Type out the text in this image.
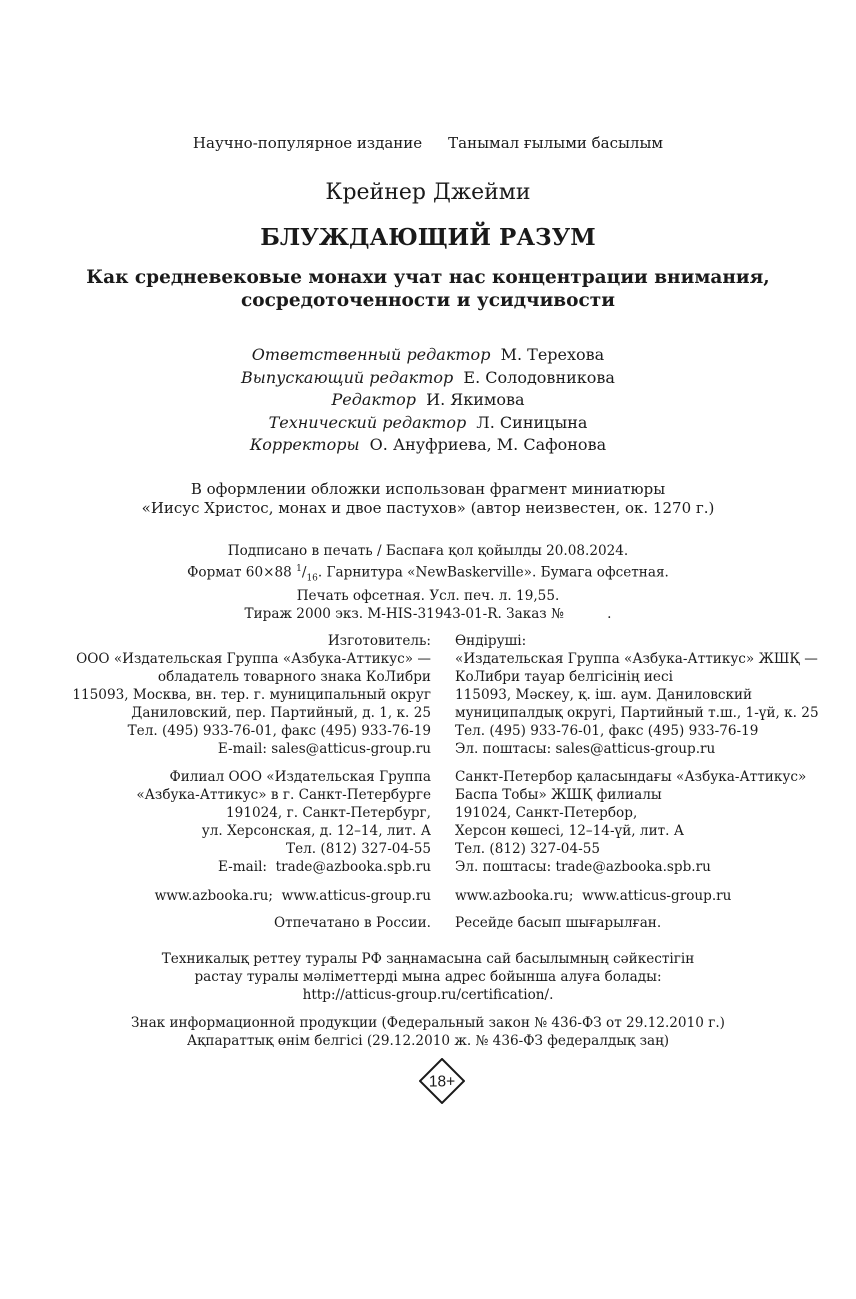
Научно-популярное издание Танымал ғылыми басылым
Крейнер Джейми
БЛУЖДАЮЩИЙ РАЗУМ
Как средневековые монахи учат нас концентрации внимания,
сосредоточенности и усидчивости
Ответственный редактор М. Терехова
Выпускающий редактор Е. Солодовникова
Редактор И. Якимова
Технический редактор Л. Синицына
Корректоры О. Ануфриева, М. Сафонова
В оформлении обложки использован фрагмент миниатюры
«Иисус Христос, монах и двое пастухов» (автор неизвестен, ок. 1270 г.)
Подписано в печать / Баспаға қол қойылды 20.08.2024.
Формат 60×88 $^1/_{16}$. Гарнитура «NewBaskerville». Бумага офсетная.
Печать офсетная. Усл. печ. л. 19,55.
Тираж 2000 экз. M-HIS-31943-01-R. Заказ №          .
Изготовитель:
ООО «Издательская Группа «Азбука-Аттикус» —
обладатель товарного знака КоЛибри
115093, Москва, вн. тер. г. муниципальный округ
Даниловский, пер. Партийный, д. 1, к. 25
Тел. (495) 933-76-01, факс (495) 933-76-19
E-mail: sales@atticus-group.ru
Өндіруші:
«Издательская Группа «Азбука-Аттикус» ЖШҚ —
КоЛибри тауар белгісінің иесі
115093, Мәскеу, қ. іш. аум. Даниловский
муниципалдық округі, Партийный т.ш., 1-үй, к. 25
Тел. (495) 933-76-01, факс (495) 933-76-19
Эл. поштасы: sales@atticus-group.ru
Филиал ООО «Издательская Группа
«Азбука-Аттикус» в г. Санкт-Петербурге
191024, г. Санкт-Петербург,
ул. Херсонская, д. 12–14, лит. А
Тел. (812) 327-04-55
E-mail:  trade@azbooka.spb.ru
Санкт-Петербор қаласындағы «Азбука-Аттикус»
Баспа Тобы» ЖШҚ филиалы
191024, Санкт-Петербор,
Херсон көшесі, 12–14-үй, лит. А
Тел. (812) 327-04-55
Эл. поштасы: trade@azbooka.spb.ru
www.azbooka.ru;  www.atticus-group.ru www.azbooka.ru;  www.atticus-group.ru
Отпечатано в России. Ресейде басып шығарылған.
Техникалық реттеу туралы РФ заңнамасына сай басылымның сәйкестігін
растау туралы мәліметтерді мына адрес бойынша алуға болады:
http://atticus-group.ru/certification/.
Знак информационной продукции (Федеральный закон № 436-ФЗ от 29.12.2010 г.)
Ақпараттық өнім белгісі (29.12.2010 ж. № 436-ФЗ федералдық заң)
18+
